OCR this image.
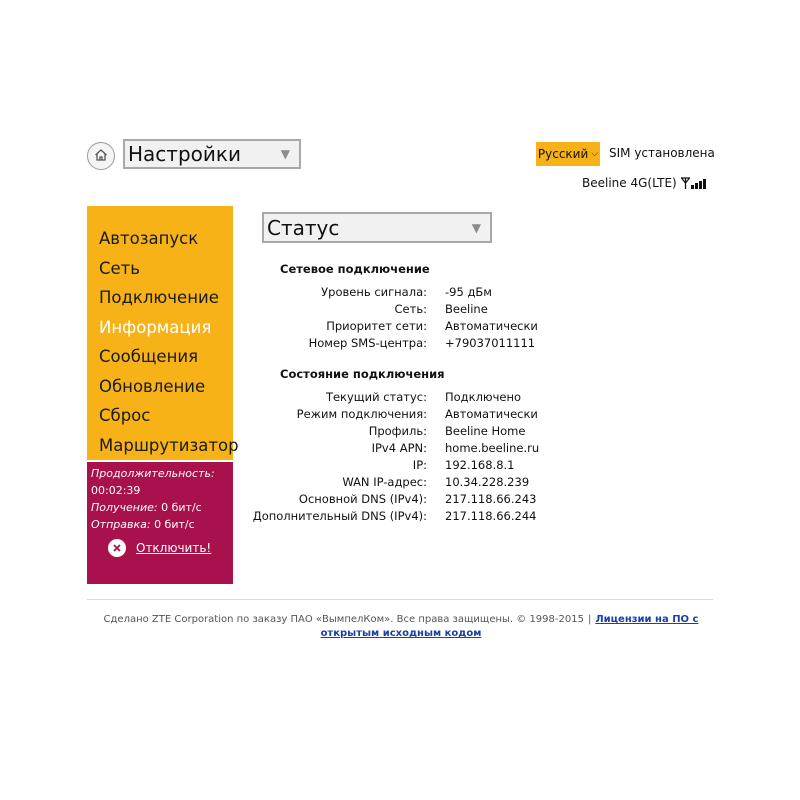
Настройки	▼	Русский ⌵ SIM установлена
Beeline 4G(LTE)
Автозапуск
Сеть
Подключение
Информация
Сообщения
Обновление
Сброс
Маршрутизатор
Продолжительность:
00:02:39
Получение: 0 бит/с
Отправка: 0 бит/с
Отключить!
Статус	▼
Сетевое подключение
Уровень сигнала: -95 дБм
Сеть: Beeline
Приоритет сети: Автоматически
Номер SMS-центра: +79037011111
Состояние подключения
Текущий статус: Подключено
Режим подключения: Автоматически
Профиль: Beeline Home
IPv4 APN: home.beeline.ru
IP: 192.168.8.1
WAN IP-адрес: 10.34.228.239
Основной DNS (IPv4): 217.118.66.243
Дополнительный DNS (IPv4): 217.118.66.244
Сделано ZTE Corporation по заказу ПАО «ВымпелКом». Все права защищены. © 1998-2015 | Лицензии на ПО с открытым исходным кодом
